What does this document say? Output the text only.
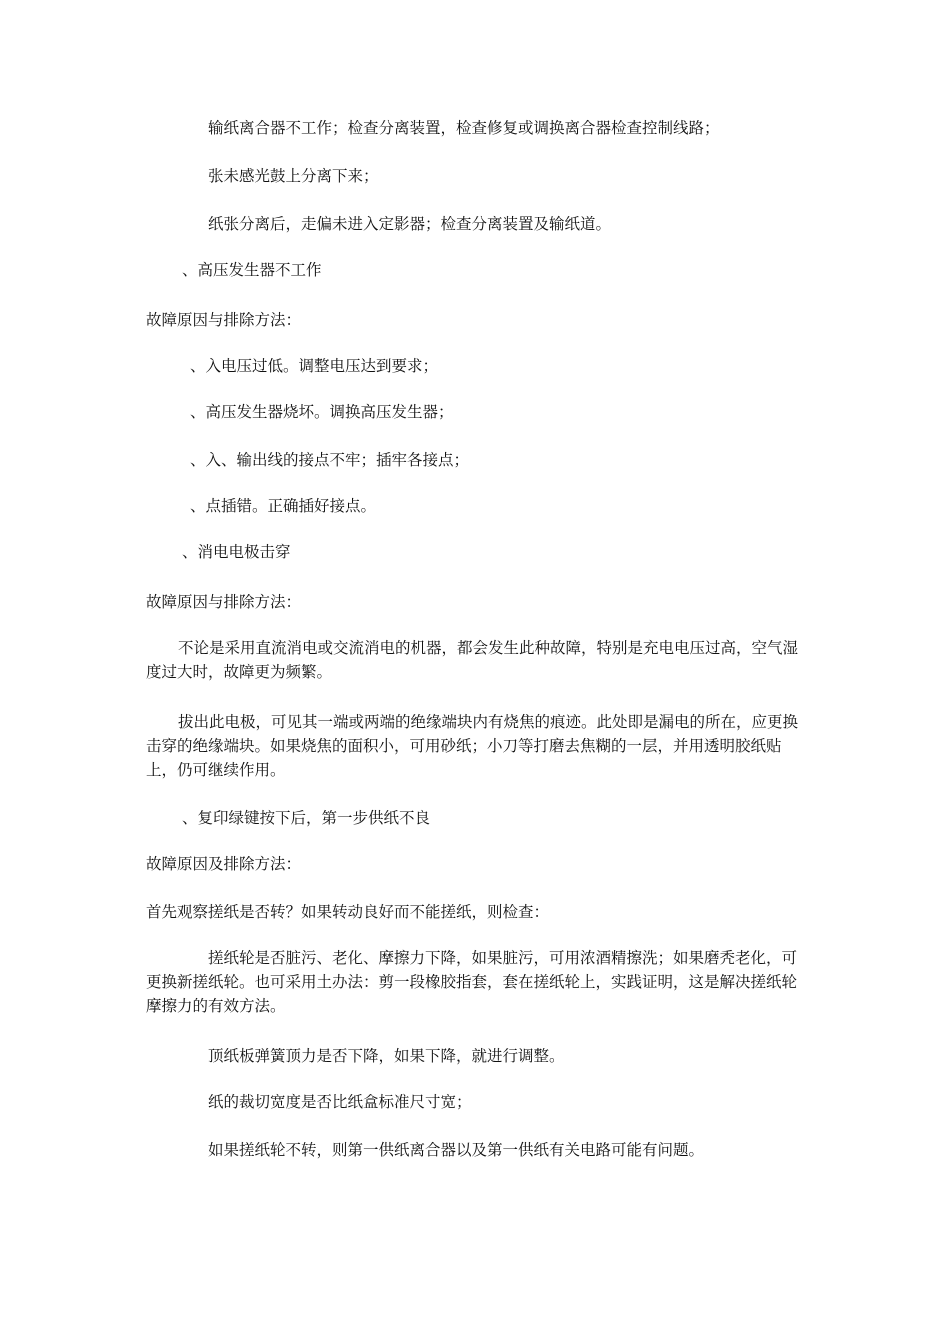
输纸离合器不工作；检查分离装置，检查修复或调换离合器检查控制线路；

张未感光鼓上分离下来；

纸张分离后，走偏未进入定影器；检查分离装置及输纸道。

、高压发生器不工作

故障原因与排除方法：

、入电压过低。调整电压达到要求；

、高压发生器烧坏。调换高压发生器；

、入、输出线的接点不牢；插牢各接点；

、点插错。正确插好接点。

、消电电极击穿

故障原因与排除方法：

不论是采用直流消电或交流消电的机器，都会发生此种故障，特别是充电电压过高，空气湿度过大时，故障更为频繁。

拔出此电极，可见其一端或两端的绝缘端块内有烧焦的痕迹。此处即是漏电的所在，应更换击穿的绝缘端块。如果烧焦的面积小，可用砂纸；小刀等打磨去焦糊的一层，并用透明胶纸贴上，仍可继续作用。

、复印绿键按下后，第一步供纸不良

故障原因及排除方法：

首先观察搓纸是否转？如果转动良好而不能搓纸，则检查：

搓纸轮是否脏污、老化、摩擦力下降，如果脏污，可用浓酒精擦洗；如果磨秃老化，可更换新搓纸轮。也可采用土办法：剪一段橡胶指套，套在搓纸轮上，实践证明，这是解决搓纸轮摩擦力的有效方法。

顶纸板弹簧顶力是否下降，如果下降，就进行调整。

纸的裁切宽度是否比纸盒标准尺寸宽；

如果搓纸轮不转，则第一供纸离合器以及第一供纸有关电路可能有问题。
